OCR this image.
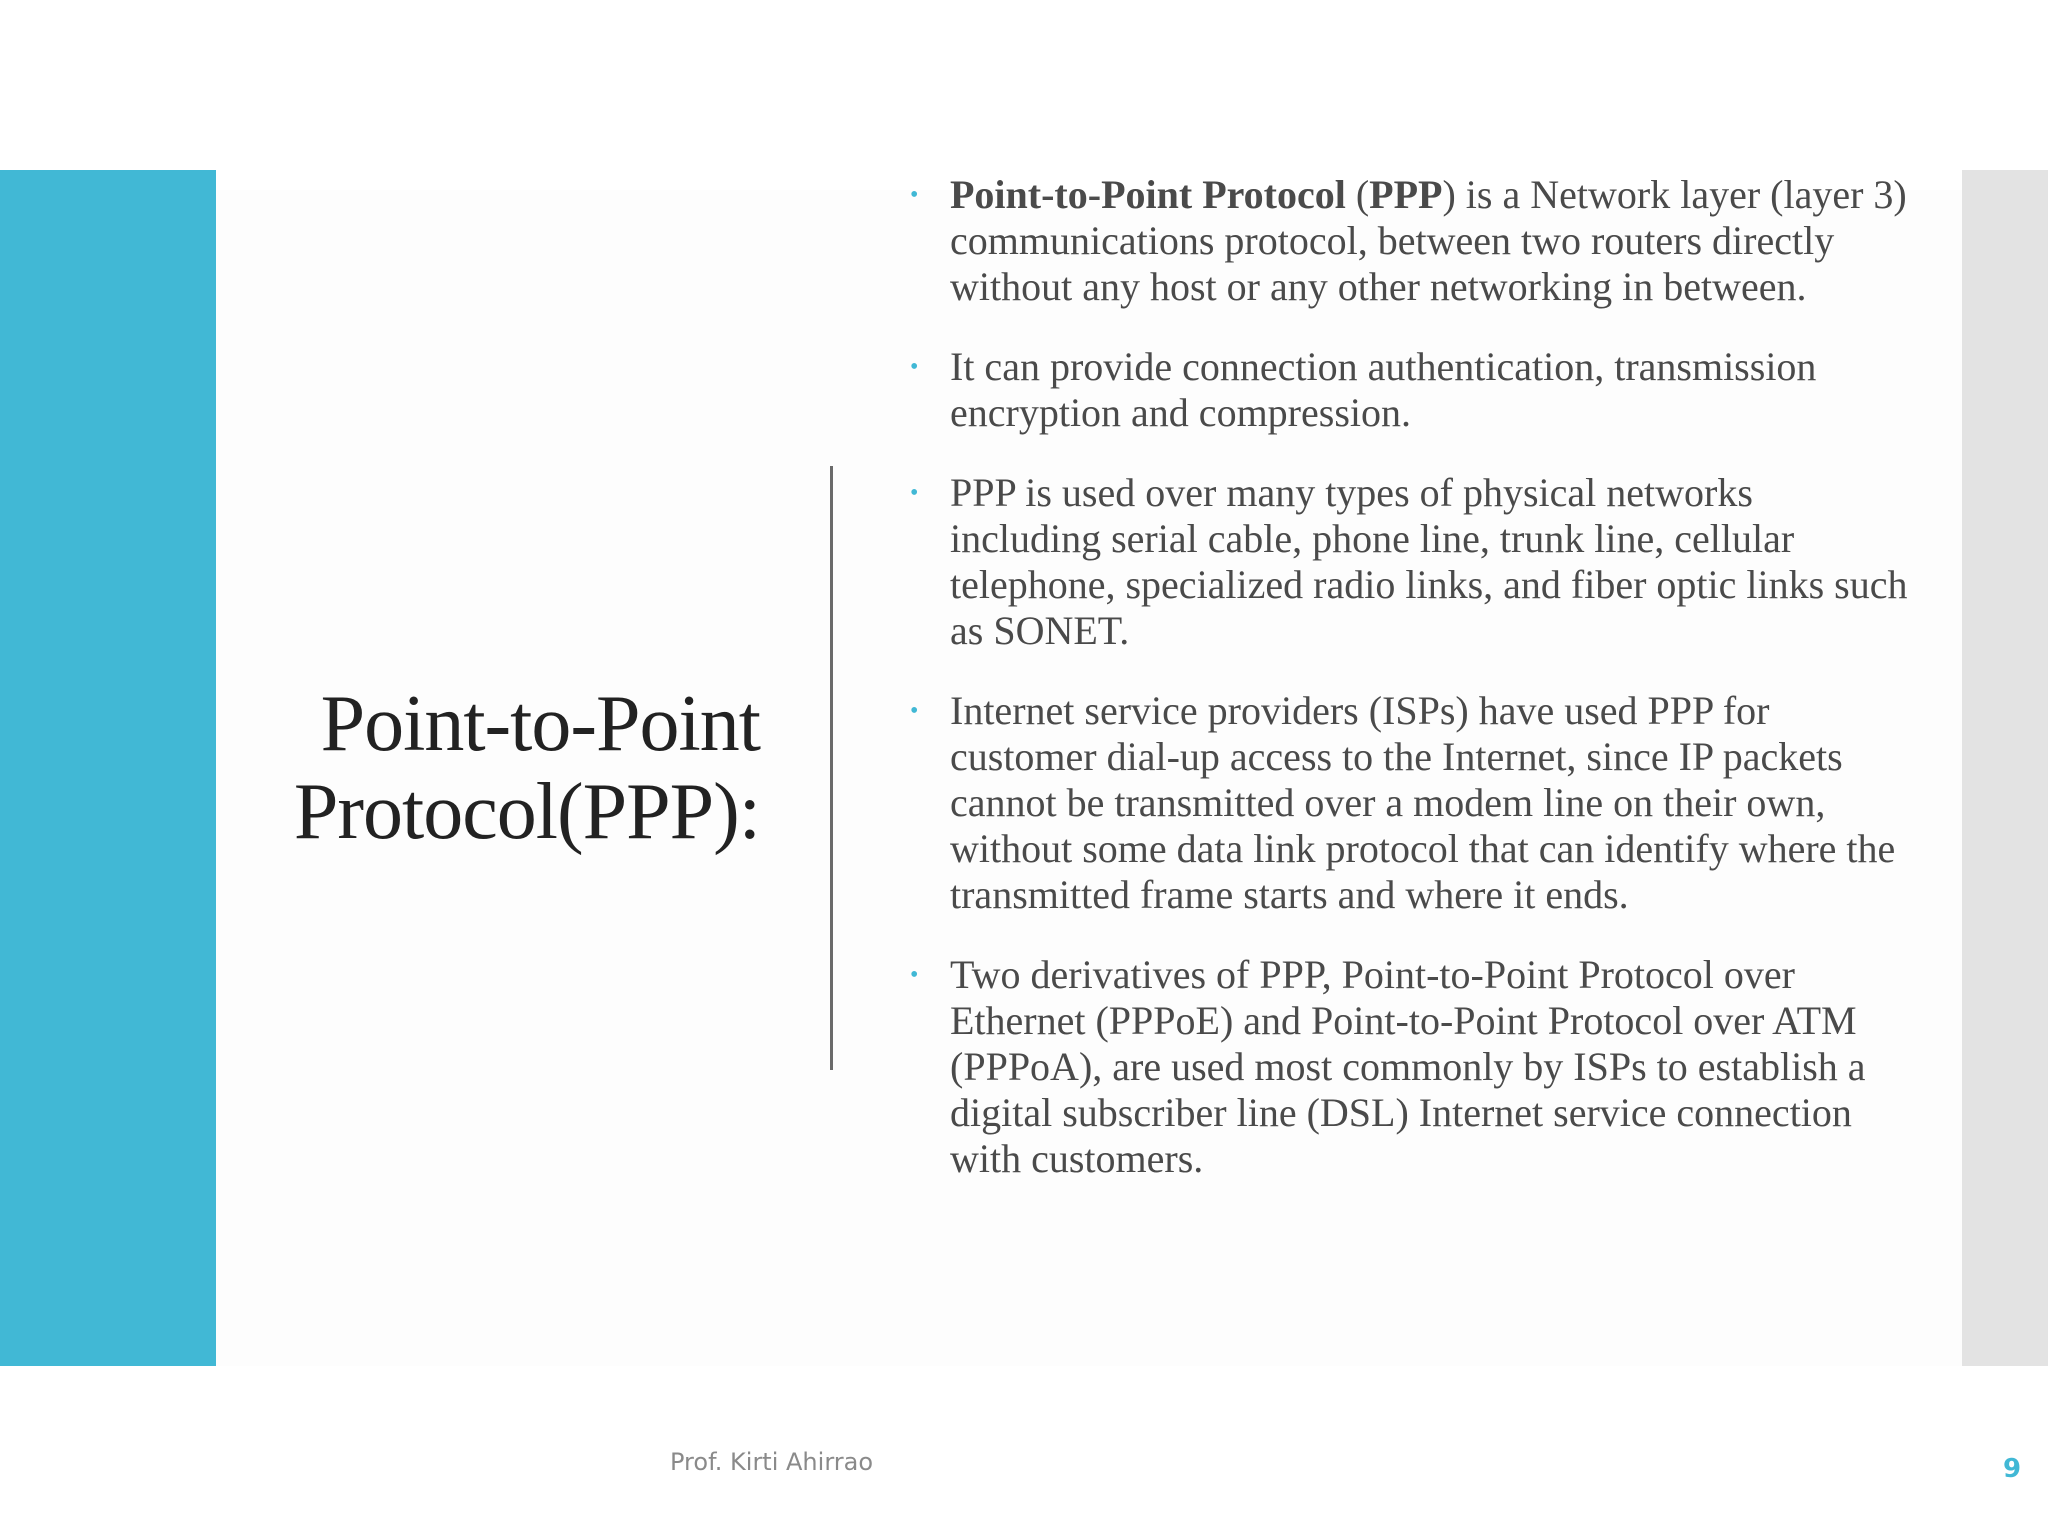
Point-to-Point
Protocol(PPP):
• Point-to-Point Protocol (PPP) is a Network layer (layer 3) communications protocol, between two routers directly without any host or any other networking in between.
• It can provide connection authentication, transmission encryption and compression.
• PPP is used over many types of physical networks including serial cable, phone line, trunk line, cellular telephone, specialized radio links, and fiber optic links such as SONET.
• Internet service providers (ISPs) have used PPP for customer dial-up access to the Internet, since IP packets cannot be transmitted over a modem line on their own, without some data link protocol that can identify where the transmitted frame starts and where it ends.
• Two derivatives of PPP, Point-to-Point Protocol over Ethernet (PPPoE) and Point-to-Point Protocol over ATM (PPPoA), are used most commonly by ISPs to establish a digital subscriber line (DSL) Internet service connection with customers.
Prof. Kirti Ahirrao	9
